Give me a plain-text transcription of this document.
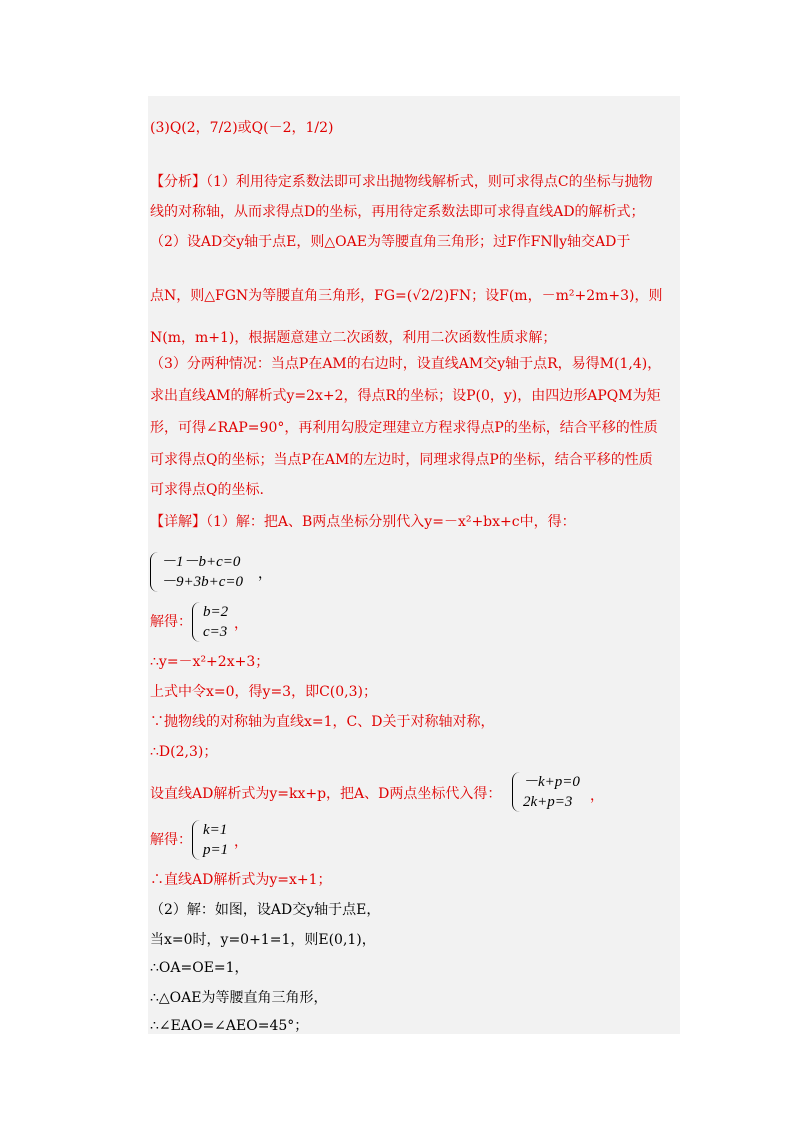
(3)Q(2，7/2)或Q(－2，1/2)
【分析】（1）利用待定系数法即可求出抛物线解析式，则可求得点C的坐标与抛物
线的对称轴，从而求得点D的坐标，再用待定系数法即可求得直线AD的解析式；
（2）设AD交y轴于点E，则△OAE为等腰直角三角形；过F作FN∥y轴交AD于
点N，则△FGN为等腰直角三角形，FG=(√2/2)FN；设F(m，－m²+2m+3)，则
N(m，m+1)，根据题意建立二次函数，利用二次函数性质求解；
（3）分两种情况：当点P在AM的右边时，设直线AM交y轴于点R，易得M(1,4)，
求出直线AM的解析式y=2x+2，得点R的坐标；设P(0，y)，由四边形APQM为矩
形，可得∠RAP=90°，再利用勾股定理建立方程求得点P的坐标，结合平移的性质
可求得点Q的坐标；当点P在AM的左边时，同理求得点P的坐标，结合平移的性质
可求得点Q的坐标.
【详解】（1）解：把A、B两点坐标分别代入y=－x²+bx+c中，得：
－1－b+c=0
－9+3b+c=0 ，
解得：
b=2
c=3 ，
∴y=－x²+2x+3；
上式中令x=0，得y=3，即C(0,3)；
∵抛物线的对称轴为直线x=1，C、D关于对称轴对称，
∴D(2,3)；
设直线AD解析式为y=kx+p，把A、D两点坐标代入得：
－k+p=0
2k+p=3	，
解得：
k=1
p=1 ，
∴直线AD解析式为y=x+1；
（2）解：如图，设AD交y轴于点E，
当x=0时，y=0+1=1，则E(0,1)，
∴OA=OE=1，
∴△OAE为等腰直角三角形，
∴∠EAO=∠AEO=45°；
